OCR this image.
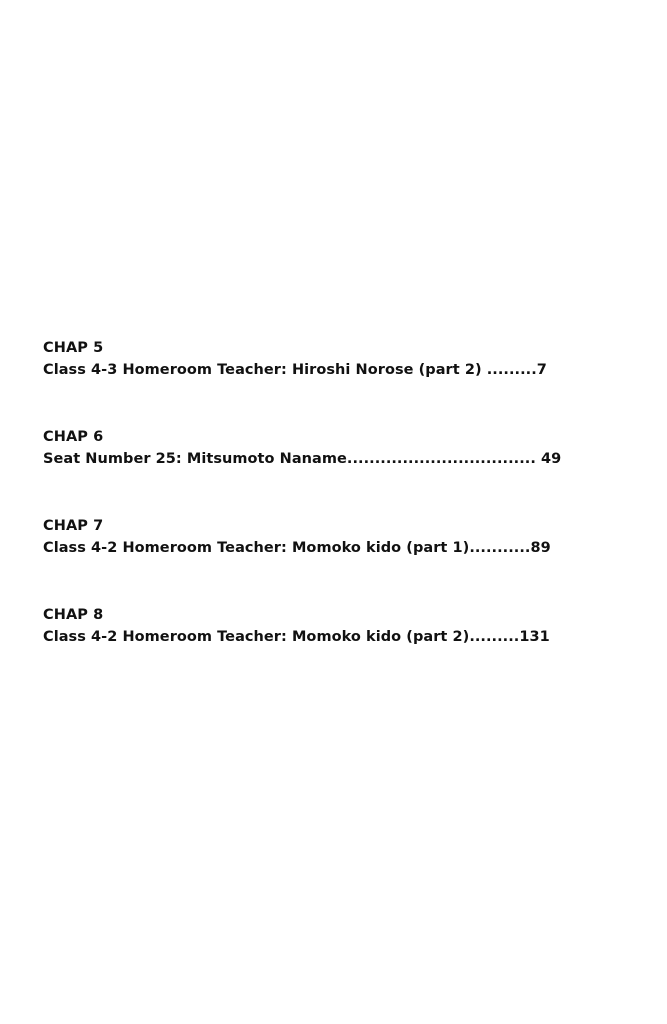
CHAP 5
Class 4-3 Homeroom Teacher: Hiroshi Norose (part 2) .........7
CHAP 6
Seat Number 25: Mitsumoto Naname.................................. 49
CHAP 7
Class 4-2 Homeroom Teacher: Momoko kido (part 1)...........89
CHAP 8
Class 4-2 Homeroom Teacher: Momoko kido (part 2).........131
